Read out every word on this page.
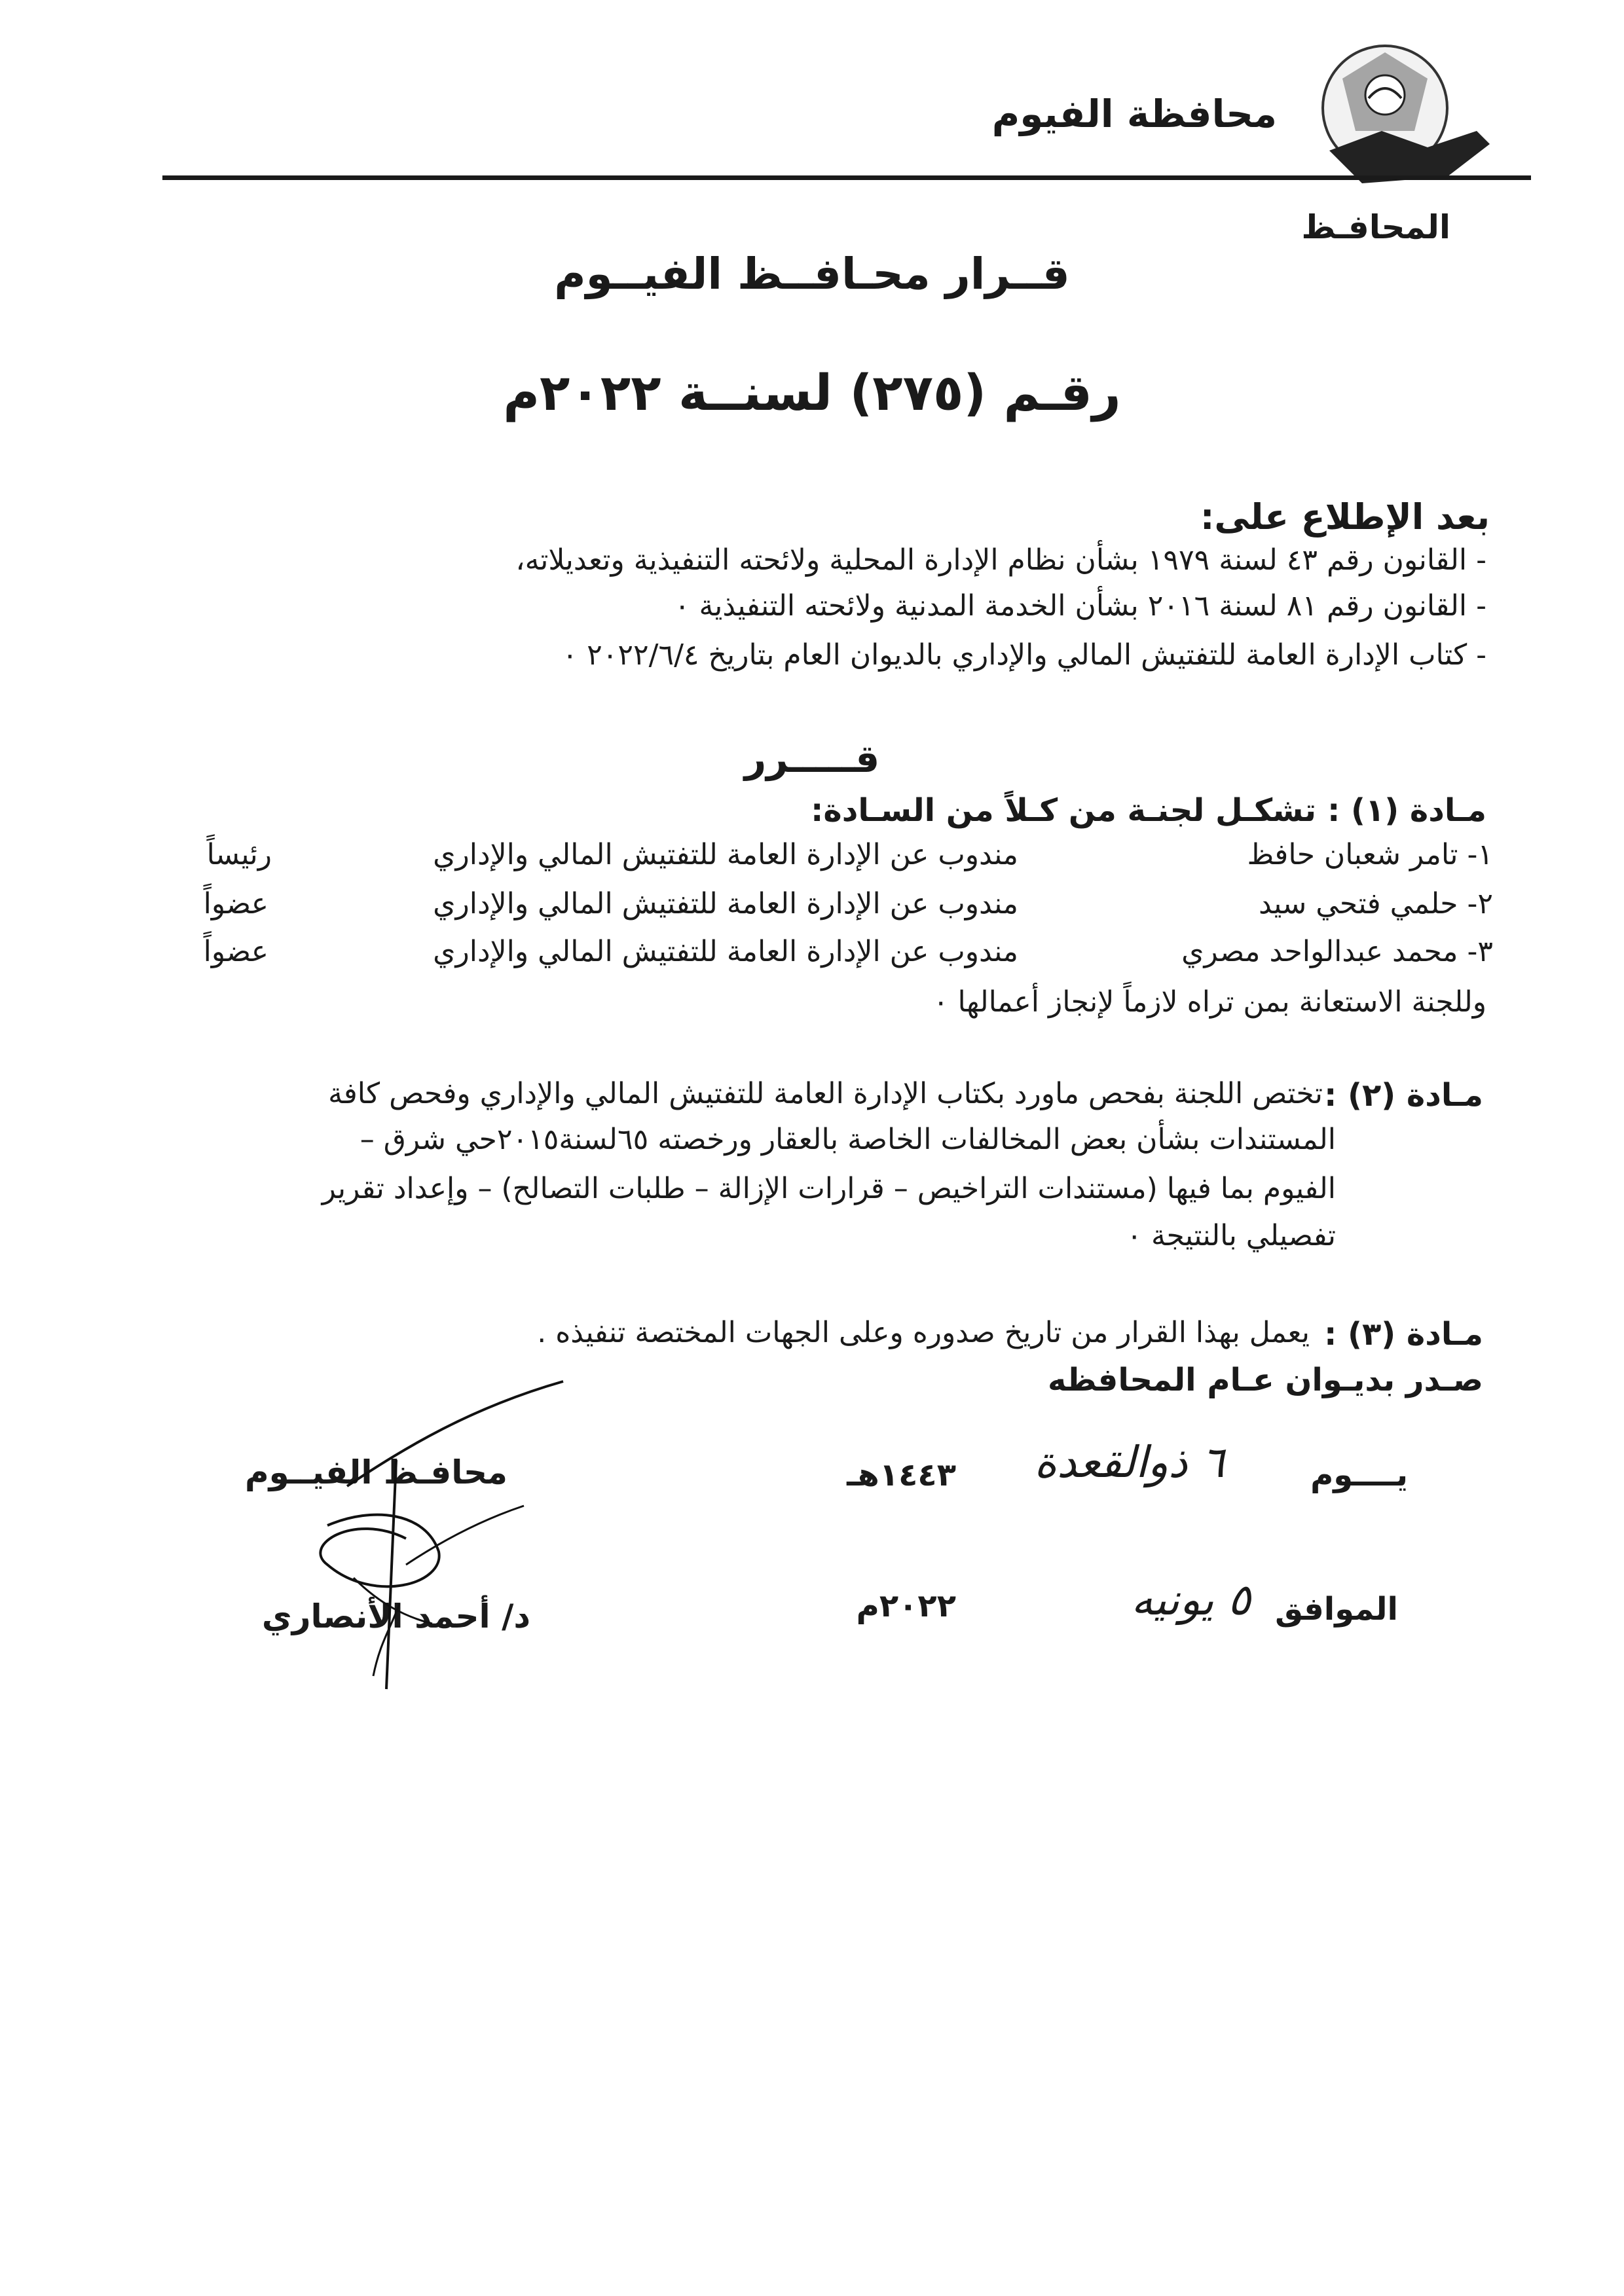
محافظة الفيوم
المحافـظ
قــرار محـافــظ الفيــوم
رقـم (٢٧٥) لسنــة ٢٠٢٢م
بعد الإطلاع على:
- القانون رقم ٤٣ لسنة ١٩٧٩ بشأن نظام الإدارة المحلية ولائحته التنفيذية وتعديلاته،
- القانون رقم ٨١ لسنة ٢٠١٦ بشأن الخدمة المدنية ولائحته التنفيذية ٠
- كتاب الإدارة العامة للتفتيش المالي والإداري بالديوان العام بتاريخ ٢٠٢٢/٦/٤ ٠
قـــــرر
مـادة (١) :
تشكـل لجنـة من كـلاً من السـادة:
١- تامر شعبان حافظ
مندوب عن الإدارة العامة للتفتيش المالي والإداري
رئيساً
٢- حلمي فتحي سيد
مندوب عن الإدارة العامة للتفتيش المالي والإداري
عضواً
٣- محمد عبدالواحد مصري
مندوب عن الإدارة العامة للتفتيش المالي والإداري
عضواً
وللجنة الاستعانة بمن تراه لازماً لإنجاز أعمالها ٠
مـادة (٢) :
تختص اللجنة بفحص ماورد بكتاب الإدارة العامة للتفتيش المالي والإداري وفحص كافة
المستندات بشأن بعض المخالفات الخاصة بالعقار ورخصته ٦٥لسنة٢٠١٥حي شرق –
الفيوم بما فيها (مستندات التراخيص – قرارات الإزالة – طلبات التصالح) – وإعداد تقرير
تفصيلي بالنتيجة ٠
مـادة (٣) :
يعمل بهذا القرار من تاريخ صدوره وعلى الجهات المختصة تنفيذه .
صـدر بديـوان عـام المحافظه
يــــوم
٦ ذوالقعدة
١٤٤٣هـ
الموافق
٥ يونيه
٢٠٢٢م
محافـظ الفيــوم
د/ أحمد الأنصاري
